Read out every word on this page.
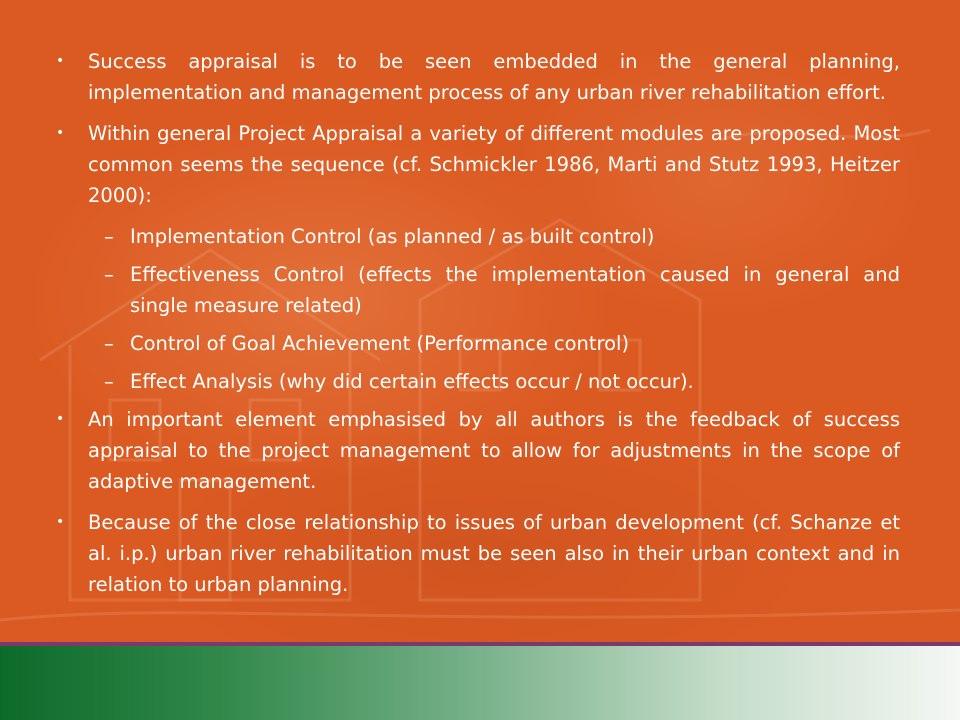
• Success appraisal is to be seen embedded in the general planning, implementation and management process of any urban river rehabilitation effort.
• Within general Project Appraisal a variety of different modules are proposed. Most common seems the sequence (cf. Schmickler 1986, Marti and Stutz 1993, Heitzer 2000):
– Implementation Control (as planned / as built control)
– Effectiveness Control (effects the implementation caused in general and single measure related)
– Control of Goal Achievement (Performance control)
– Effect Analysis (why did certain effects occur / not occur).
• An important element emphasised by all authors is the feedback of success appraisal to the project management to allow for adjustments in the scope of adaptive management.
• Because of the close relationship to issues of urban development (cf. Schanze et al. i.p.) urban river rehabilitation must be seen also in their urban context and in relation to urban planning.
